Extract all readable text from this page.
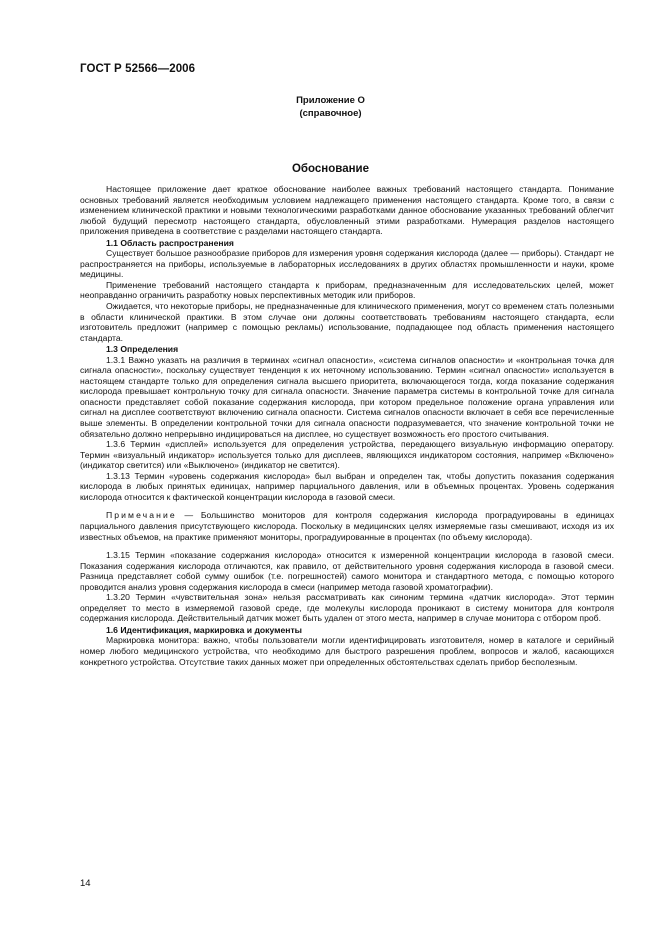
ГОСТ Р 52566—2006
Приложение О
(справочное)
Обоснование

Настоящее приложение дает краткое обоснование наиболее важных требований настоящего стандарта. Понимание основных требований является необходимым условием надлежащего применения настоящего стандарта. Кроме того, в связи с изменением клинической практики и новыми технологическими разработками данное обоснование указанных требований облегчит любой будущий пересмотр настоящего стандарта, обусловленный этими разработками. Нумерация разделов настоящего приложения приведена в соответствие с разделами настоящего стандарта.

1.1 Область распространения

Существует большое разнообразие приборов для измерения уровня содержания кислорода (далее — приборы). Стандарт не распространяется на приборы, используемые в лабораторных исследованиях в других областях промышленности и науки, кроме медицины.

Применение требований настоящего стандарта к приборам, предназначенным для исследовательских целей, может неоправданно ограничить разработку новых перспективных методик или приборов.

Ожидается, что некоторые приборы, не предназначенные для клинического применения, могут со временем стать полезными в области клинической практики. В этом случае они должны соответствовать требованиям настоящего стандарта, если изготовитель предложит (например с помощью рекламы) использование, подпадающее под область применения настоящего стандарта.

1.3 Определения

1.3.1 Важно указать на различия в терминах «сигнал опасности», «система сигналов опасности» и «контрольная точка для сигнала опасности», поскольку существует тенденция к их неточному использованию. Термин «сигнал опасности» используется в настоящем стандарте только для определения сигнала высшего приоритета, включающегося тогда, когда показание содержания кислорода превышает контрольную точку для сигнала опасности. Значение параметра системы в контрольной точке для сигнала опасности представляет собой показание содержания кислорода, при котором предельное положение органа управления или сигнал на дисплее соответствуют включению сигнала опасности. Система сигналов опасности включает в себя все перечисленные выше элементы. В определении контрольной точки для сигнала опасности подразумевается, что значение контрольной точки не обязательно должно непрерывно индицироваться на дисплее, но существует возможность его простого считывания.

1.3.6 Термин «дисплей» используется для определения устройства, передающего визуальную информацию оператору. Термин «визуальный индикатор» используется только для дисплеев, являющихся индикатором состояния, например «Включено» (индикатор светится) или «Выключено» (индикатор не светится).

1.3.13 Термин «уровень содержания кислорода» был выбран и определен так, чтобы допустить показания содержания кислорода в любых принятых единицах, например парциального давления, или в объемных процентах. Уровень содержания кислорода относится к фактической концентрации кислорода в газовой смеси.

Примечание — Большинство мониторов для контроля содержания кислорода проградуированы в единицах парциального давления присутствующего кислорода. Поскольку в медицинских целях измеряемые газы смешивают, исходя из их известных объемов, на практике применяют мониторы, проградуированные в процентах (по объему кислорода).

1.3.15 Термин «показание содержания кислорода» относится к измеренной концентрации кислорода в газовой смеси. Показания содержания кислорода отличаются, как правило, от действительного уровня содержания кислорода в газовой смеси. Разница представляет собой сумму ошибок (т.е. погрешностей) самого монитора и стандартного метода, с помощью которого проводится анализ уровня содержания кислорода в смеси (например метода газовой хроматографии).

1.3.20 Термин «чувствительная зона» нельзя рассматривать как синоним термина «датчик кислорода». Этот термин определяет то место в измеряемой газовой среде, где молекулы кислорода проникают в систему монитора для контроля содержания кислорода. Действительный датчик может быть удален от этого места, например в случае монитора с отбором проб.

1.6 Идентификация, маркировка и документы

Маркировка монитора: важно, чтобы пользователи могли идентифицировать изготовителя, номер в каталоге и серийный номер любого медицинского устройства, что необходимо для быстрого разрешения проблем, вопросов и жалоб, касающихся конкретного устройства. Отсутствие таких данных может при определенных обстоятельствах сделать прибор бесполезным.

14
